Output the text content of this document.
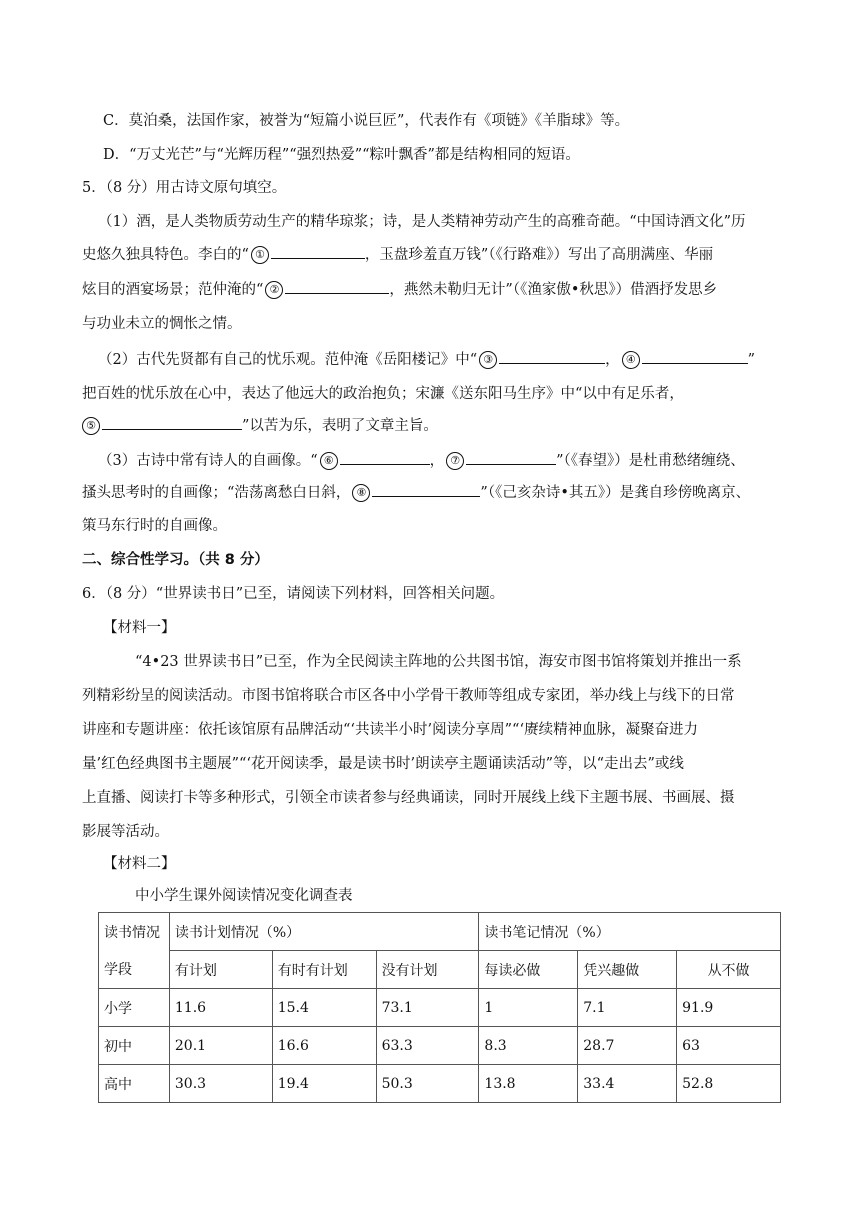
C．莫泊桑，法国作家，被誉为“短篇小说巨匠”，代表作有《项链》《羊脂球》等。
D．“万丈光芒”与“光辉历程”“强烈热爱”“粽叶飘香”都是结构相同的短语。
5．（8 分）用古诗文原句填空。
（1）酒，是人类物质劳动生产的精华琼浆；诗，是人类精神劳动产生的高雅奇葩。“中国诗酒文化”历
史悠久独具特色。李白的“ ①	，玉盘珍羞直万钱”（《行路难》）写出了高朋满座、华丽
炫目的酒宴场景；范仲淹的“ ②	，燕然未勒归无计”（《渔家傲•秋思》）借酒抒发思乡
与功业未立的惆怅之情。
（2）古代先贤都有自己的忧乐观。范仲淹《岳阳楼记》中“ ③	， ④	”
把百姓的忧乐放在心中，表达了他远大的政治抱负；宋濂《送东阳马生序》中“以中有足乐者，
⑤	”以苦为乐，表明了文章主旨。
（3）古诗中常有诗人的自画像。“ ⑥	， ⑦	”（《春望》）是杜甫愁绪缠绕、
搔头思考时的自画像；“浩荡离愁白日斜， ⑧	”（《己亥杂诗•其五》）是龚自珍傍晚离京、
策马东行时的自画像。
二、综合性学习。（共 8 分）
6．（8 分）“世界读书日”已至，请阅读下列材料，回答相关问题。
【材料一】
“4•23 世界读书日”已至，作为全民阅读主阵地的公共图书馆，海安市图书馆将策划并推出一系
列精彩纷呈的阅读活动。市图书馆将联合市区各中小学骨干教师等组成专家团，举办线上与线下的日常
讲座和专题讲座：依托该馆原有品牌活动“‘共读半小时’阅读分享周”“‘赓续精神血脉，凝聚奋进力
量’红色经典图书主题展”“‘花开阅读季，最是读书时’朗读亭主题诵读活动”等，以“走出去”或线
上直播、阅读打卡等多种形式，引领全市读者参与经典诵读，同时开展线上线下主题书展、书画展、摄
影展等活动。
【材料二】
中小学生课外阅读情况变化调查表
读书情况	读书计划情况（%）			读书笔记情况（%）		
学段	有计划	有时有计划	没有计划	每读必做	凭兴趣做	从不做
小学	11.6	15.4	73.1	1	7.1	91.9
初中	20.1	16.6	63.3	8.3	28.7	63
高中	30.3	19.4	50.3	13.8	33.4	52.8
